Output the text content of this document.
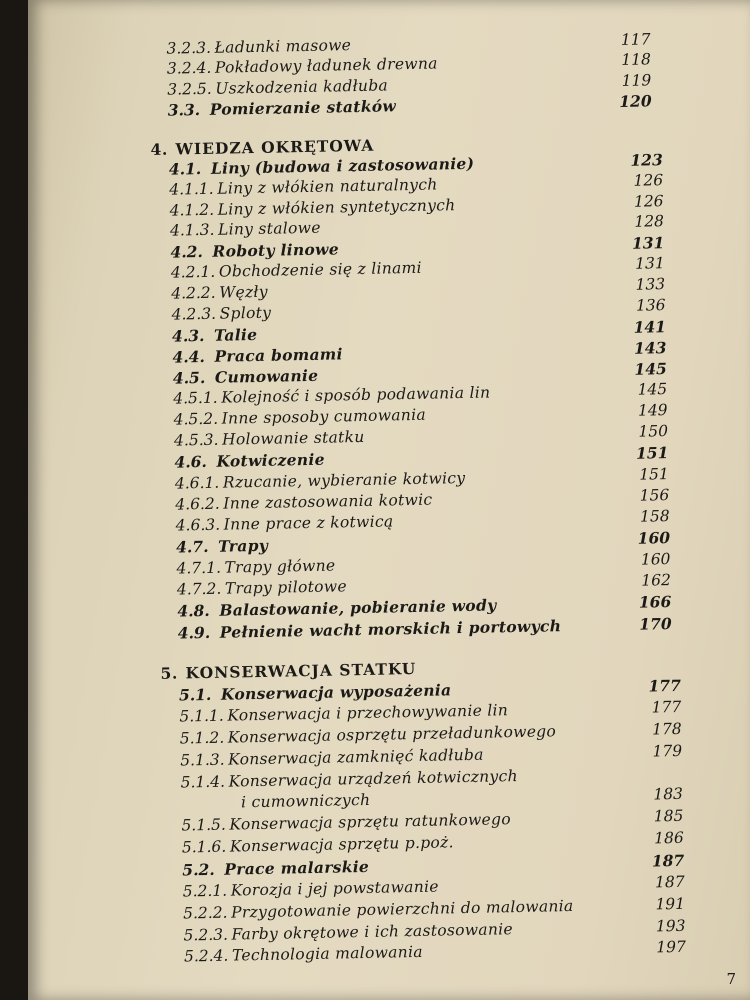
3.2.3. Ładunki masowe	117
3.2.4. Pokładowy ładunek drewna	118
3.2.5. Uszkodzenia kadłuba	119
3.3. Pomierzanie statków	120
4. WIEDZA OKRĘTOWA
4.1. Liny (budowa i zastosowanie)	123
4.1.1. Liny z włókien naturalnych	126
4.1.2. Liny z włókien syntetycznych	126
4.1.3. Liny stalowe	128
4.2. Roboty linowe	131
4.2.1. Obchodzenie się z linami	131
4.2.2. Węzły	133
4.2.3. Sploty	136
4.3. Talie	141
4.4. Praca bomami	143
4.5. Cumowanie	145
4.5.1. Kolejność i sposób podawania lin	145
4.5.2. Inne sposoby cumowania	149
4.5.3. Holowanie statku	150
4.6. Kotwiczenie	151
4.6.1. Rzucanie, wybieranie kotwicy	151
4.6.2. Inne zastosowania kotwic	156
4.6.3. Inne prace z kotwicą	158
4.7. Trapy	160
4.7.1. Trapy główne	160
4.7.2. Trapy pilotowe	162
4.8. Balastowanie, pobieranie wody	166
4.9. Pełnienie wacht morskich i portowych	170
5. KONSERWACJA STATKU
5.1. Konserwacja wyposażenia	177
5.1.1. Konserwacja i przechowywanie lin	177
5.1.2. Konserwacja osprzętu przeładunkowego	178
5.1.3. Konserwacja zamknięć kadłuba	179
5.1.4. Konserwacja urządzeń kotwicznych
i cumowniczych	183
5.1.5. Konserwacja sprzętu ratunkowego	185
5.1.6. Konserwacja sprzętu p.poż.	186
5.2. Prace malarskie	187
5.2.1. Korozja i jej powstawanie	187
5.2.2. Przygotowanie powierzchni do malowania	191
5.2.3. Farby okrętowe i ich zastosowanie	193
5.2.4. Technologia malowania	197
7
